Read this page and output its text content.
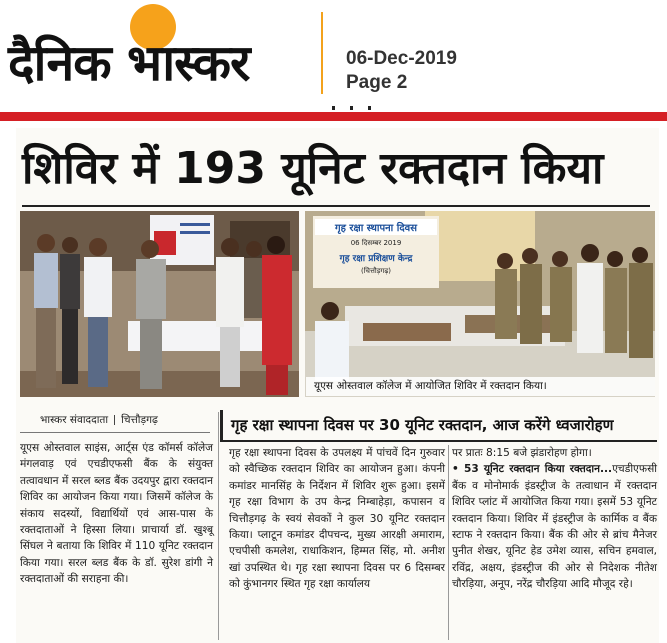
दैनिक भास्कर	06-Dec-2019
Page 2
शिविर में 193 यूनिट रक्तदान किया
गृह रक्षा स्थापना दिवस
06 दिसम्बर 2019
गृह रक्षा प्रशिक्षण केन्द्र
(चित्तौड़गढ़)
यूएस ओस्तवाल कॉलेज में आयोजित शिविर में रक्तदान किया।
भास्कर संवाददाता चित्तौड़गढ़	गृह रक्षा स्थापना दिवस पर 30 यूनिट रक्तदान, आज करेंगे ध्वजारोहण
यूएस ओस्तवाल साइंस, आर्ट्स एंड कॉमर्स कॉलेज मंगलवाड़ एवं एचडीएफसी बैंक के संयुक्त तत्वावधान में सरल ब्लड बैंक उदयपुर द्वारा रक्तदान शिविर का आयोजन किया गया। जिसमें कॉलेज के संकाय सदस्यों, विद्यार्थियों एवं आस-पास के रक्तदाताओं ने हिस्सा लिया। प्राचार्या डॉ. खुश्बू सिंघल ने बताया कि शिविर में 110 यूनिट रक्तदान किया गया। सरल ब्लड बैंक के डॉ. सुरेश डांगी ने रक्तदाताओं की सराहना की।
गृह रक्षा स्थापना दिवस के उपलक्ष्य में पांचवें दिन गुरुवार को स्वैच्छिक रक्तदान शिविर का आयोजन हुआ। कंपनी कमांडर मानसिंह के निर्देशन में शिविर शुरू हुआ। इसमें गृह रक्षा विभाग के उप केन्द्र निम्बाहेड़ा, कपासन व चित्तौड़गढ़ के स्वयं सेवकों ने कुल 30 यूनिट रक्तदान किया। प्लाटून कमांडर दीपचन्द, मुख्य आरक्षी अमाराम, एचपीसी कमलेश, राधाकिशन, हिम्मत सिंह, मो. अनीश खां उपस्थित थे। गृह रक्षा स्थापना दिवस पर 6 दिसम्बर को कुंभानगर स्थित गृह रक्षा कार्यालय
पर प्रातः 8:15 बजे झंडारोहण होगा।
• 53 यूनिट रक्तदान किया रक्तदान...एचडीएफसी बैंक व मोनोमार्क इंडस्ट्रीज के तत्वाधान में रक्तदान शिविर प्लांट में आयोजित किया गया। इसमें 53 यूनिट रक्तदान किया। शिविर में इंडस्ट्रीज के कार्मिक व बैंक स्टाफ ने रक्तदान किया। बैंक की ओर से ब्रांच मैनेजर पुनीत शेखर, यूनिट हेड उमेश व्यास, सचिन हमवाल, रविंद्र, अक्षय, इंडस्ट्रीज की ओर से निदेशक नीतेश चौरड़िया, अनूप, नरेंद्र चौरड़िया आदि मौजूद रहे।
